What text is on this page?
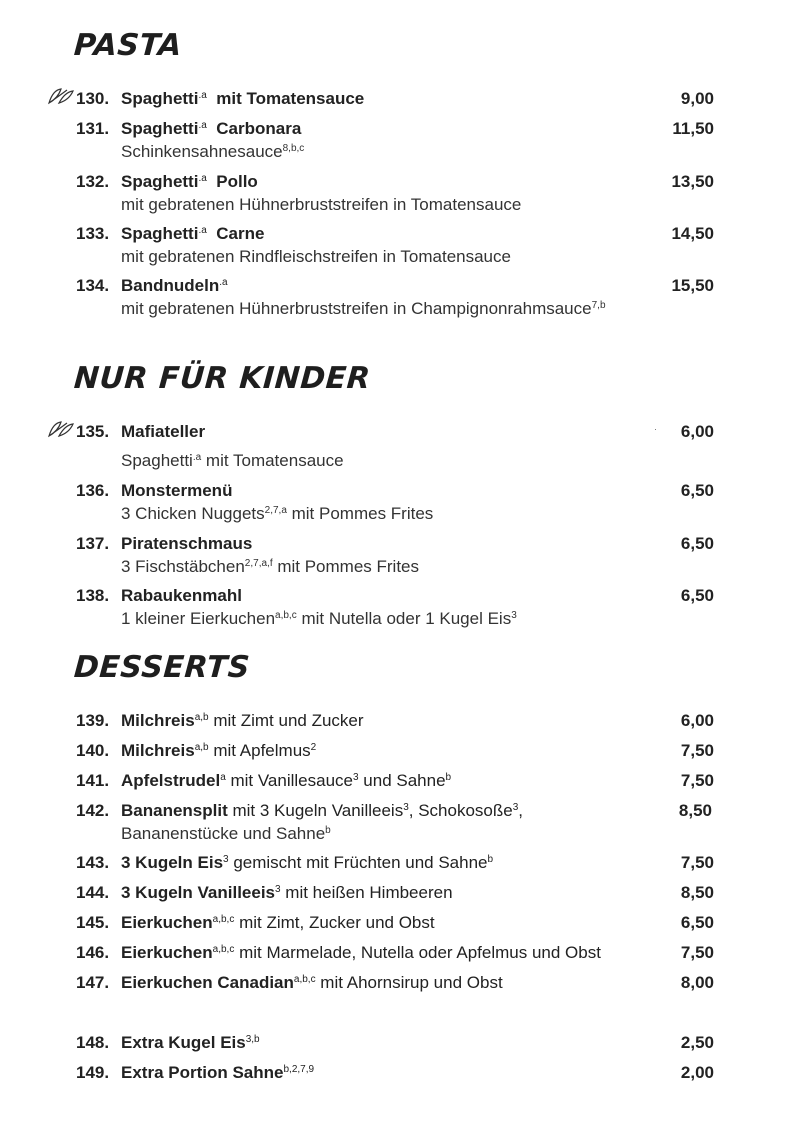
PASTA
130. Spaghetti$^{.a}$  mit Tomatensauce	9,00
131. Spaghetti$^{.a}$  Carbonara	11,50
Schinkensahnesauce$^{8,b,c}$
132. Spaghetti$^{.a}$  Pollo	13,50
mit gebratenen Hühnerbruststreifen in Tomatensauce
133. Spaghetti$^{.a}$  Carne	14,50
mit gebratenen Rindfleischstreifen in Tomatensauce
134. Bandnudeln$^{.a}$	15,50
mit gebratenen Hühnerbruststreifen in Champignonrahmsauce$^{7,b}$
NUR FÜR KINDER
135. Mafiateller	· 6,00
Spaghetti$^{.a}$ mit Tomatensauce
136. Monstermenü	6,50
3 Chicken Nuggets$^{2,7,a}$ mit Pommes Frites
137. Piratenschmaus	6,50
3 Fischstäbchen$^{2,7,a,f}$ mit Pommes Frites
138. Rabaukenmahl	6,50
1 kleiner Eierkuchen$^{a,b,c}$ mit Nutella oder 1 Kugel Eis$^3$
DESSERTS
139. Milchreis$^{a,b}$ mit Zimt und Zucker	6,00
140. Milchreis$^{a,b}$ mit Apfelmus$^2$	7,50
141. Apfelstrudel$^a$ mit Vanillesauce$^3$ und Sahne$^b$	7,50
142. Bananensplit mit 3 Kugeln Vanilleeis$^3$, Schokosoße$^3$,	8,50
Bananenstücke und Sahne$^b$
143. 3 Kugeln Eis$^3$ gemischt mit Früchten und Sahne$^b$	7,50
144. 3 Kugeln Vanilleeis$^3$ mit heißen Himbeeren	8,50
145. Eierkuchen$^{a,b,c}$ mit Zimt, Zucker und Obst	6,50
146. Eierkuchen$^{a,b,c}$ mit Marmelade, Nutella oder Apfelmus und Obst	7,50
147. Eierkuchen Canadian$^{a,b,c}$ mit Ahornsirup und Obst	8,00
148. Extra Kugel Eis$^{3,b}$	2,50
149. Extra Portion Sahne$^{b,2,7,9}$	2,00
